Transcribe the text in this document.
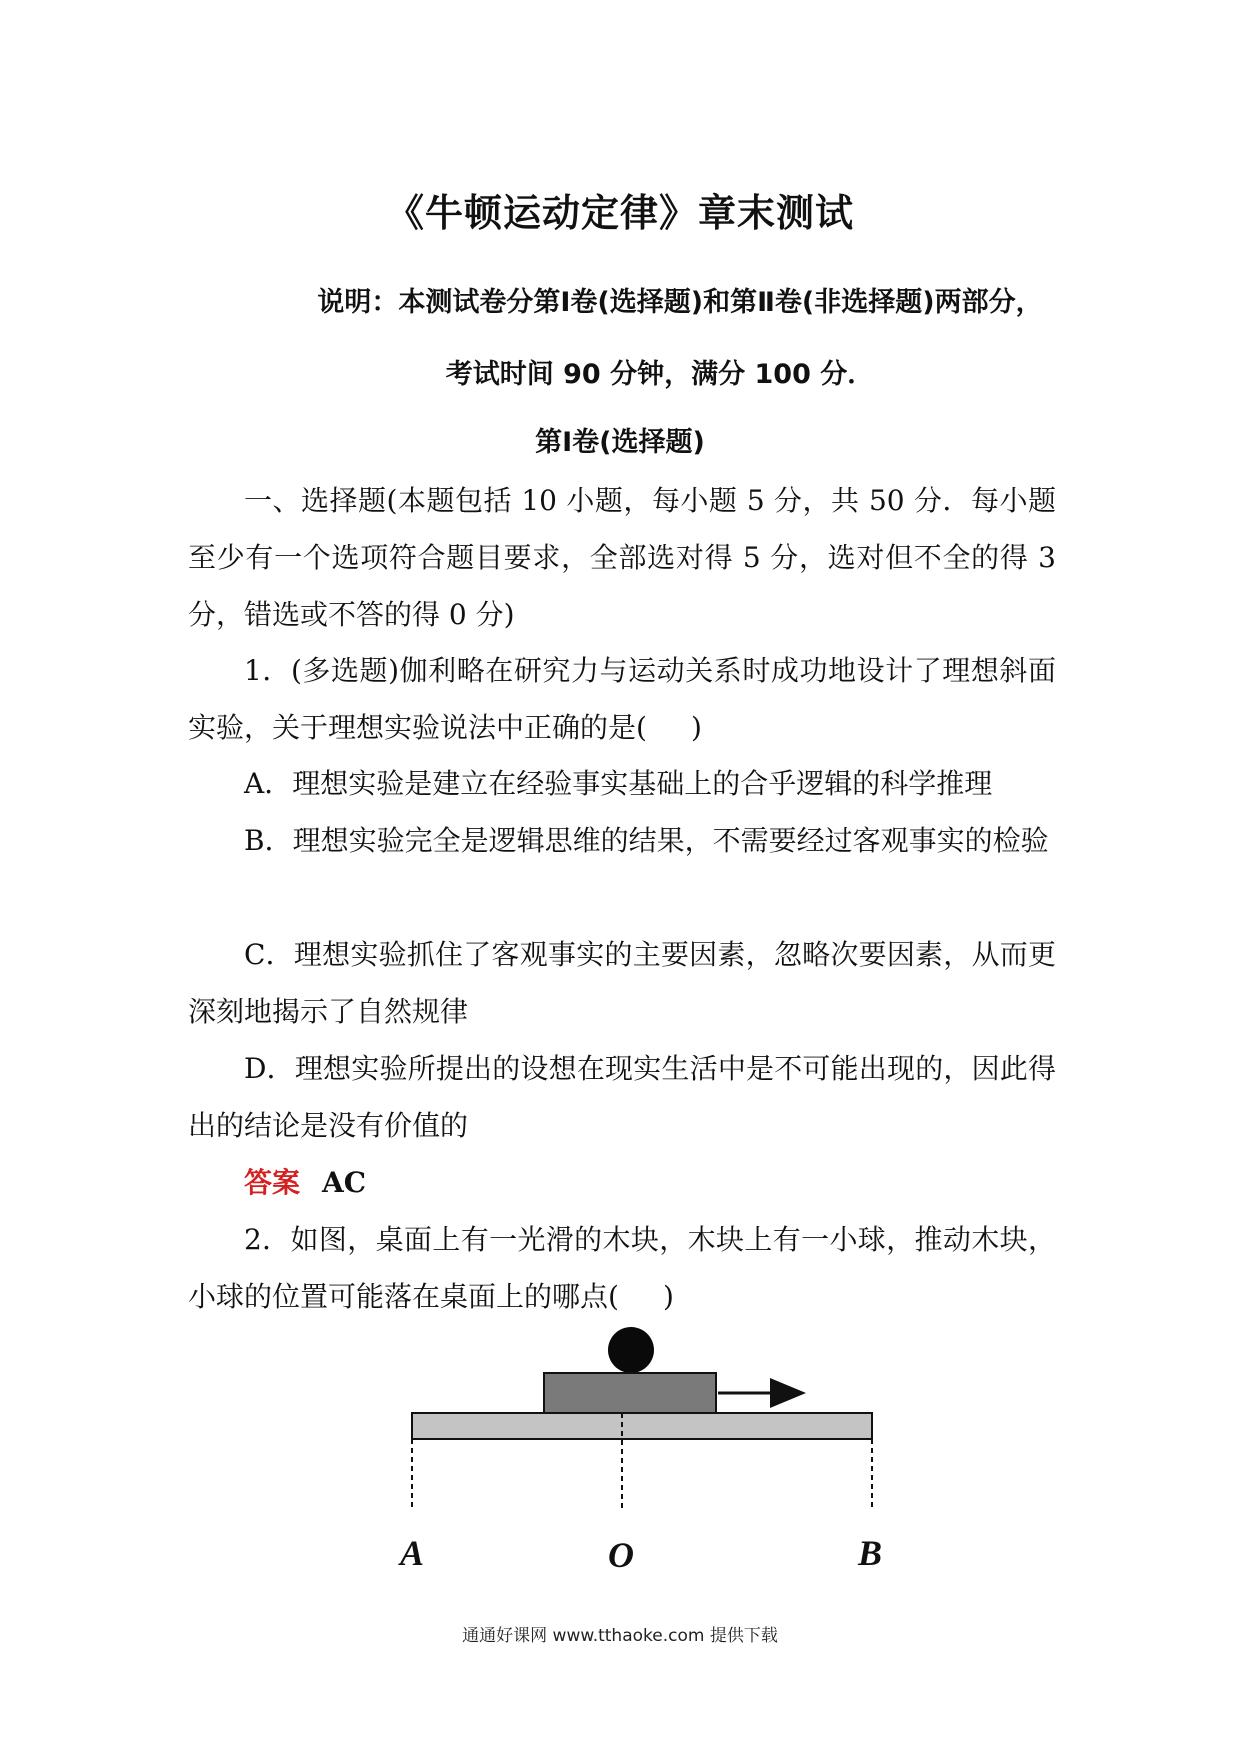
《牛顿运动定律》章末测试

说明：本测试卷分第Ⅰ卷(选择题)和第Ⅱ卷(非选择题)两部分，

考试时间 90 分钟，满分 100 分．

第Ⅰ卷(选择题)

一、选择题(本题包括 10 小题，每小题 5 分，共 50 分．每小题至少有一个选项符合题目要求，全部选对得 5 分，选对但不全的得 3 分，错选或不答的得 0 分)

1．(多选题)伽利略在研究力与运动关系时成功地设计了理想斜面实验，关于理想实验说法中正确的是( )

A．理想实验是建立在经验事实基础上的合乎逻辑的科学推理

B．理想实验完全是逻辑思维的结果，不需要经过客观事实的检验

C．理想实验抓住了客观事实的主要因素，忽略次要因素，从而更深刻地揭示了自然规律

D．理想实验所提出的设想在现实生活中是不可能出现的，因此得出的结论是没有价值的

答案 AC

2．如图，桌面上有一光滑的木块，木块上有一小球，推动木块，小球的位置可能落在桌面上的哪点( )

A	O	B

通通好课网 www.tthaoke.com 提供下载
